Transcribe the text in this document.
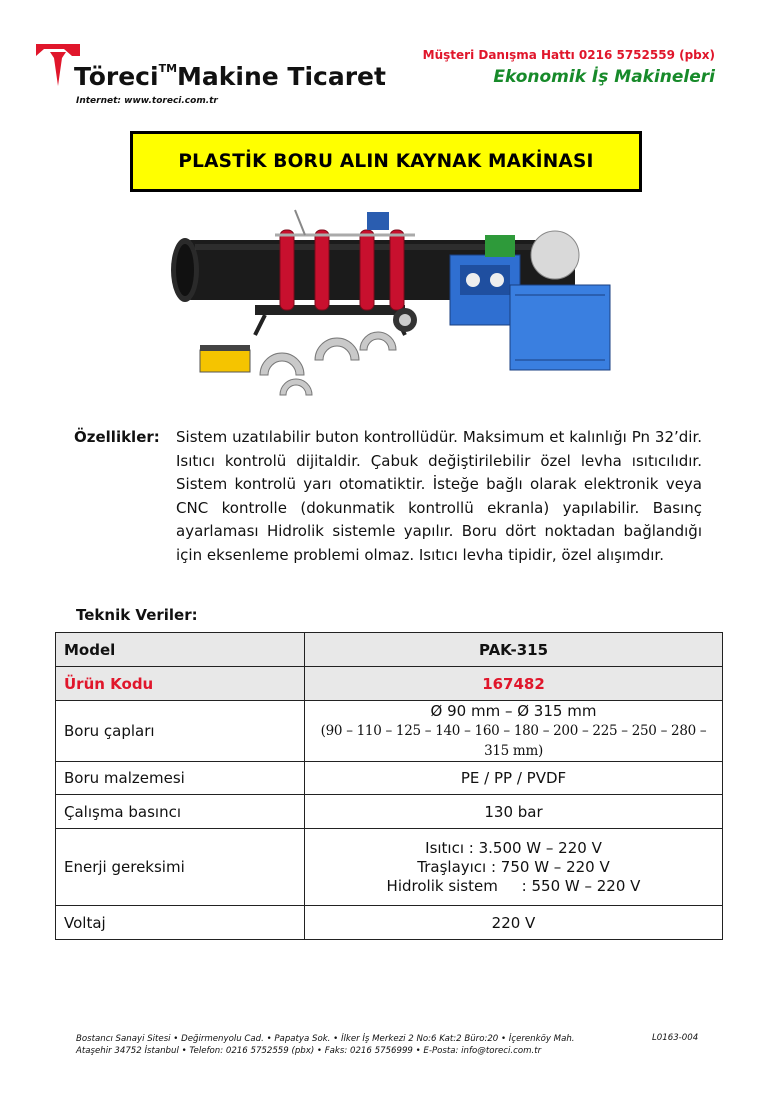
Töreci™Makine Ticaret
Internet: www.toreci.com.tr
Müşteri Danışma Hattı 0216 5752559 (pbx)
Ekonomik İş Makineleri
PLASTİK BORU ALIN KAYNAK MAKİNASI
Özellikler: Sistem uzatılabilir buton kontrollüdür. Maksimum et kalınlığı Pn 32’dir. Isıtıcı kontrolü dijitaldir. Çabuk değiştirilebilir özel levha ısıtıcılıdır. Sistem kontrolü yarı otomatiktir. İsteğe bağlı olarak elektronik veya CNC kontrolle (dokunmatik kontrollü ekranla) yapılabilir. Basınç ayarlaması Hidrolik sistemle yapılır. Boru dört noktadan bağlandığı için eksenleme problemi olmaz. Isıtıcı levha tipidir, özel alışımdır.
Teknik Veriler:
Model	PAK-315
Ürün Kodu	167482
Boru çapları	Ø 90 mm – Ø 315 mm
(90 – 110 – 125 – 140 – 160 – 180 – 200 – 225 – 250 – 280 – 315 mm)

Boru malzemesi	PE / PP / PVDF
Çalışma basıncı	130 bar
Enerji gereksimi	Isıtıcı : 3.500 W – 220 V
Traşlayıcı : 750 W – 220 V
Hidrolik sistem     : 550 W – 220 V

Voltaj	220 V
Bostancı Sanayi Sitesi • Değirmenyolu Cad. • Papatya Sok. • İlker İş Merkezi 2 No:6 Kat:2 Büro:20 • İçerenköy Mah.
Ataşehir 34752 İstanbul • Telefon: 0216 5752559 (pbx) • Faks: 0216 5756999 • E-Posta: info@toreci.com.tr
L0163-004
